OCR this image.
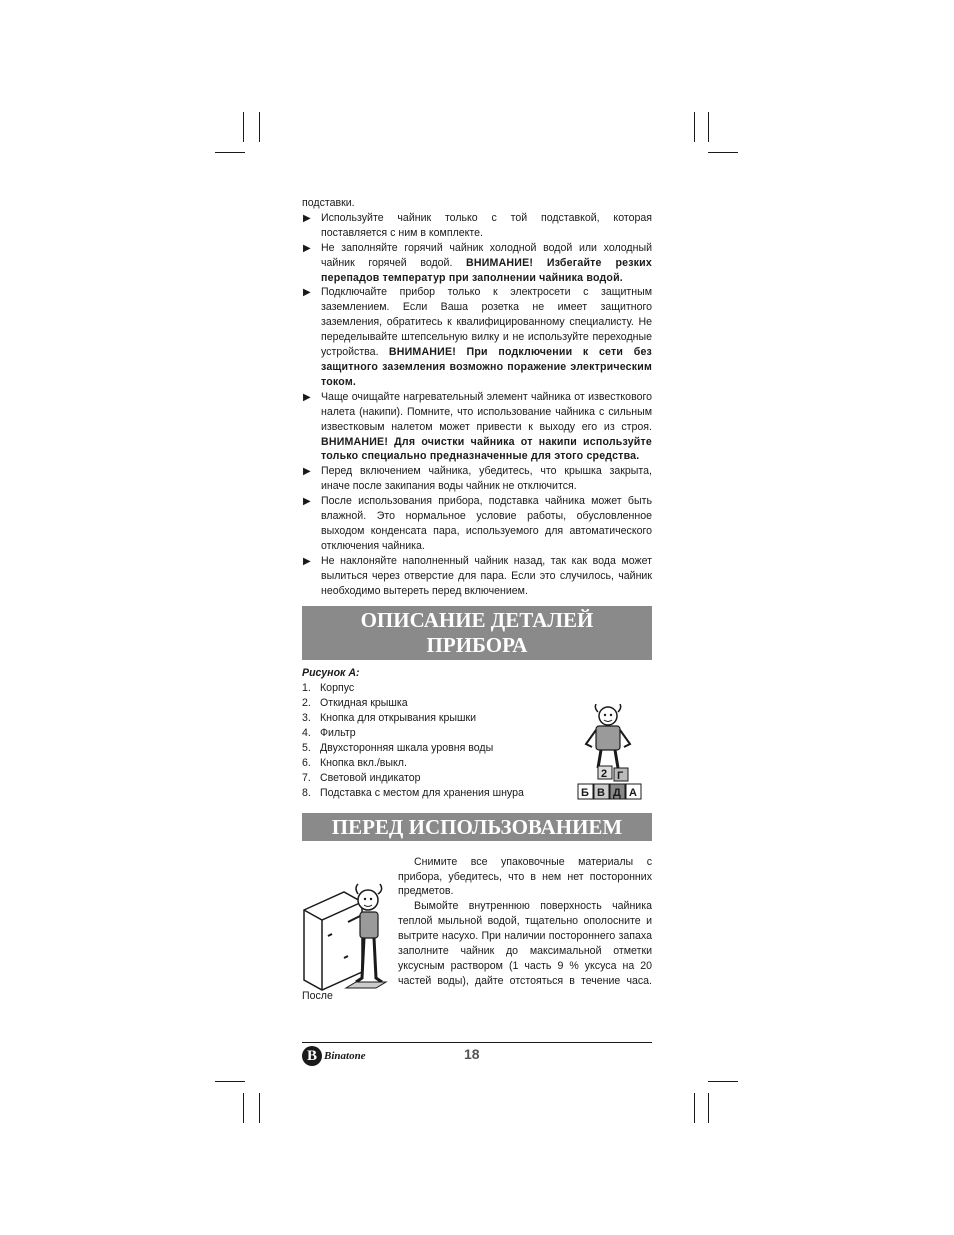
подставки.

▶ Используйте чайник только с той подставкой, которая поставляется с ним в комплекте.
▶ Не заполняйте горячий чайник холодной водой или холодный чайник горячей водой. ВНИМАНИЕ! Избегайте резких перепадов температур при заполнении чайника водой.
▶ Подключайте прибор только к электросети с защитным заземлением. Если Ваша розетка не имеет защитного заземления, обратитесь к квалифицированному специалисту. Не переделывайте штепсельную вилку и не используйте переходные устройства. ВНИМАНИЕ! При подключении к сети без защитного заземления возможно поражение электрическим током.
▶ Чаще очищайте нагревательный элемент чайника от известкового налета (накипи). Помните, что использование чайника с сильным известковым налетом может привести к выходу его из строя. ВНИМАНИЕ! Для очистки чайника от накипи используйте только специально предназначенные для этого средства.
▶ Перед включением чайника, убедитесь, что крышка закрыта, иначе после закипания воды чайник не отключится.
▶ После использования прибора, подставка чайника может быть влажной. Это нормальное условие работы, обусловленное выходом конденсата пара, используемого для автоматического отключения чайника.
▶ Не наклоняйте наполненный чайник назад, так как вода может вылиться через отверстие для пара. Если это случилось, чайник необходимо вытереть перед включением.
ОПИСАНИЕ ДЕТАЛЕЙ
ПРИБОРА
Рисунок А:
1. Корпус
2. Откидная крышка
3. Кнопка для открывания крышки
4. Фильтр
5. Двухсторонняя шкала уровня воды
6. Кнопка вкл./выкл.
7. Световой индикатор
8. Подставка с местом для хранения шнура
ПЕРЕД ИСПОЛЬЗОВАНИЕМ

Снимите все упаковочные материалы с прибора, убедитесь, что в нем нет посторонних предметов.

Вымойте внутреннюю поверхность чайника теплой мыльной водой, тщательно ополосните и вытрите насухо. При наличии постороннего запаха заполните чайник до максимальной отметки уксусным раствором (1 часть 9 % уксуса на 20 частей воды), дайте отстояться в течение часа. После

2 Г
Б В Д А
B Binatone	18
